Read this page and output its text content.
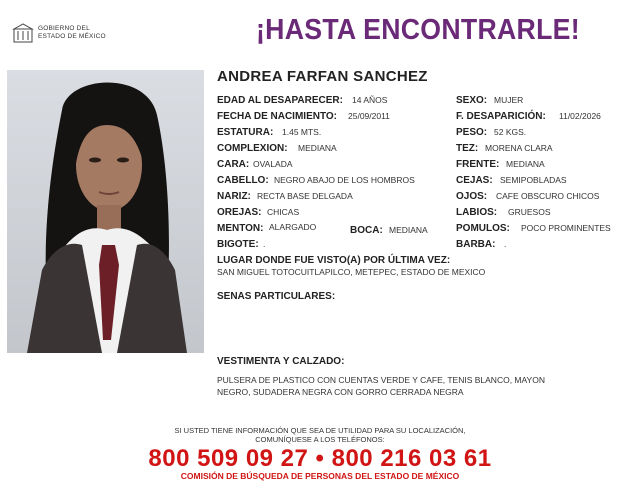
GOBIERNO DEL
ESTADO DE MÉXICO	¡HASTA ENCONTRARLE!
ANDREA FARFAN SANCHEZ
EDAD AL DESAPARECER: 14 AÑOS
FECHA DE NACIMIENTO: 25/09/2011
ESTATURA: 1.45 MTS.
COMPLEXION: MEDIANA
CARA: OVALADA
CABELLO: NEGRO ABAJO DE LOS HOMBROS
NARIZ: RECTA BASE DELGADA
OREJAS: CHICAS
MENTON: ALARGADO	BOCA: MEDIANA
BIGOTE: .
SEXO: MUJER
F. DESAPARICIÓN: 11/02/2026
PESO: 52 KGS.
TEZ: MORENA CLARA
FRENTE: MEDIANA
CEJAS: SEMIPOBLADAS
OJOS: CAFE OBSCURO CHICOS
LABIOS: GRUESOS
POMULOS: POCO PROMINENTES
BARBA: .
LUGAR DONDE FUE VISTO(A) POR ÚLTIMA VEZ:
SAN MIGUEL TOTOCUITLAPILCO, METEPEC, ESTADO DE MEXICO
SENAS PARTICULARES:
VESTIMENTA Y CALZADO:
PULSERA DE PLASTICO CON CUENTAS VERDE Y CAFE, TENIS BLANCO, MAYON
NEGRO, SUDADERA NEGRA CON GORRO CERRADA NEGRA
SI USTED TIENE INFORMACIÓN QUE SEA DE UTILIDAD PARA SU LOCALIZACIÓN,
COMUNÍQUESE A LOS TELÉFONOS:
800 509 09 27 • 800 216 03 61
COMISIÓN DE BÚSQUEDA DE PERSONAS DEL ESTADO DE MÉXICO
